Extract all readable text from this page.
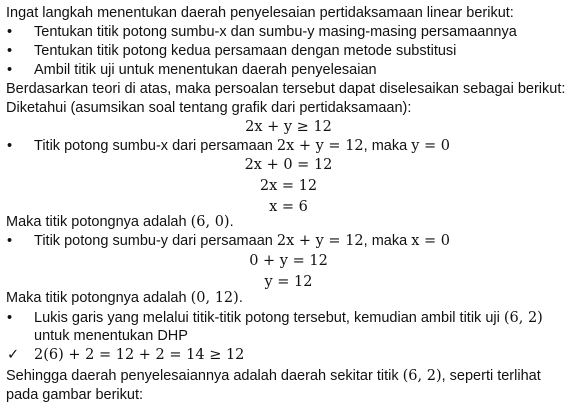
Ingat langkah menentukan daerah penyelesaian pertidaksamaan linear berikut:
• Tentukan titik potong sumbu-x dan sumbu-y masing-masing persamaannya
• Tentukan titik potong kedua persamaan dengan metode substitusi
• Ambil titik uji untuk menentukan daerah penyelesaian
Berdasarkan teori di atas, maka persoalan tersebut dapat diselesaikan sebagai berikut:
Diketahui (asumsikan soal tentang grafik dari pertidaksamaan):
2x + y ≥ 12
• Titik potong sumbu-x dari persamaan 2x + y = 12, maka y = 0
2x + 0 = 12
2x = 12
x = 6
Maka titik potongnya adalah (6, 0).
• Titik potong sumbu-y dari persamaan 2x + y = 12, maka x = 0
0 + y = 12
y = 12
Maka titik potongnya adalah (0, 12).
• Lukis garis yang melalui titik-titik potong tersebut, kemudian ambil titik uji (6, 2)
untuk menentukan DHP
✓ 2(6) + 2 = 12 + 2 = 14 ≥ 12
Sehingga daerah penyelesaiannya adalah daerah sekitar titik (6, 2), seperti terlihat
pada gambar berikut:
